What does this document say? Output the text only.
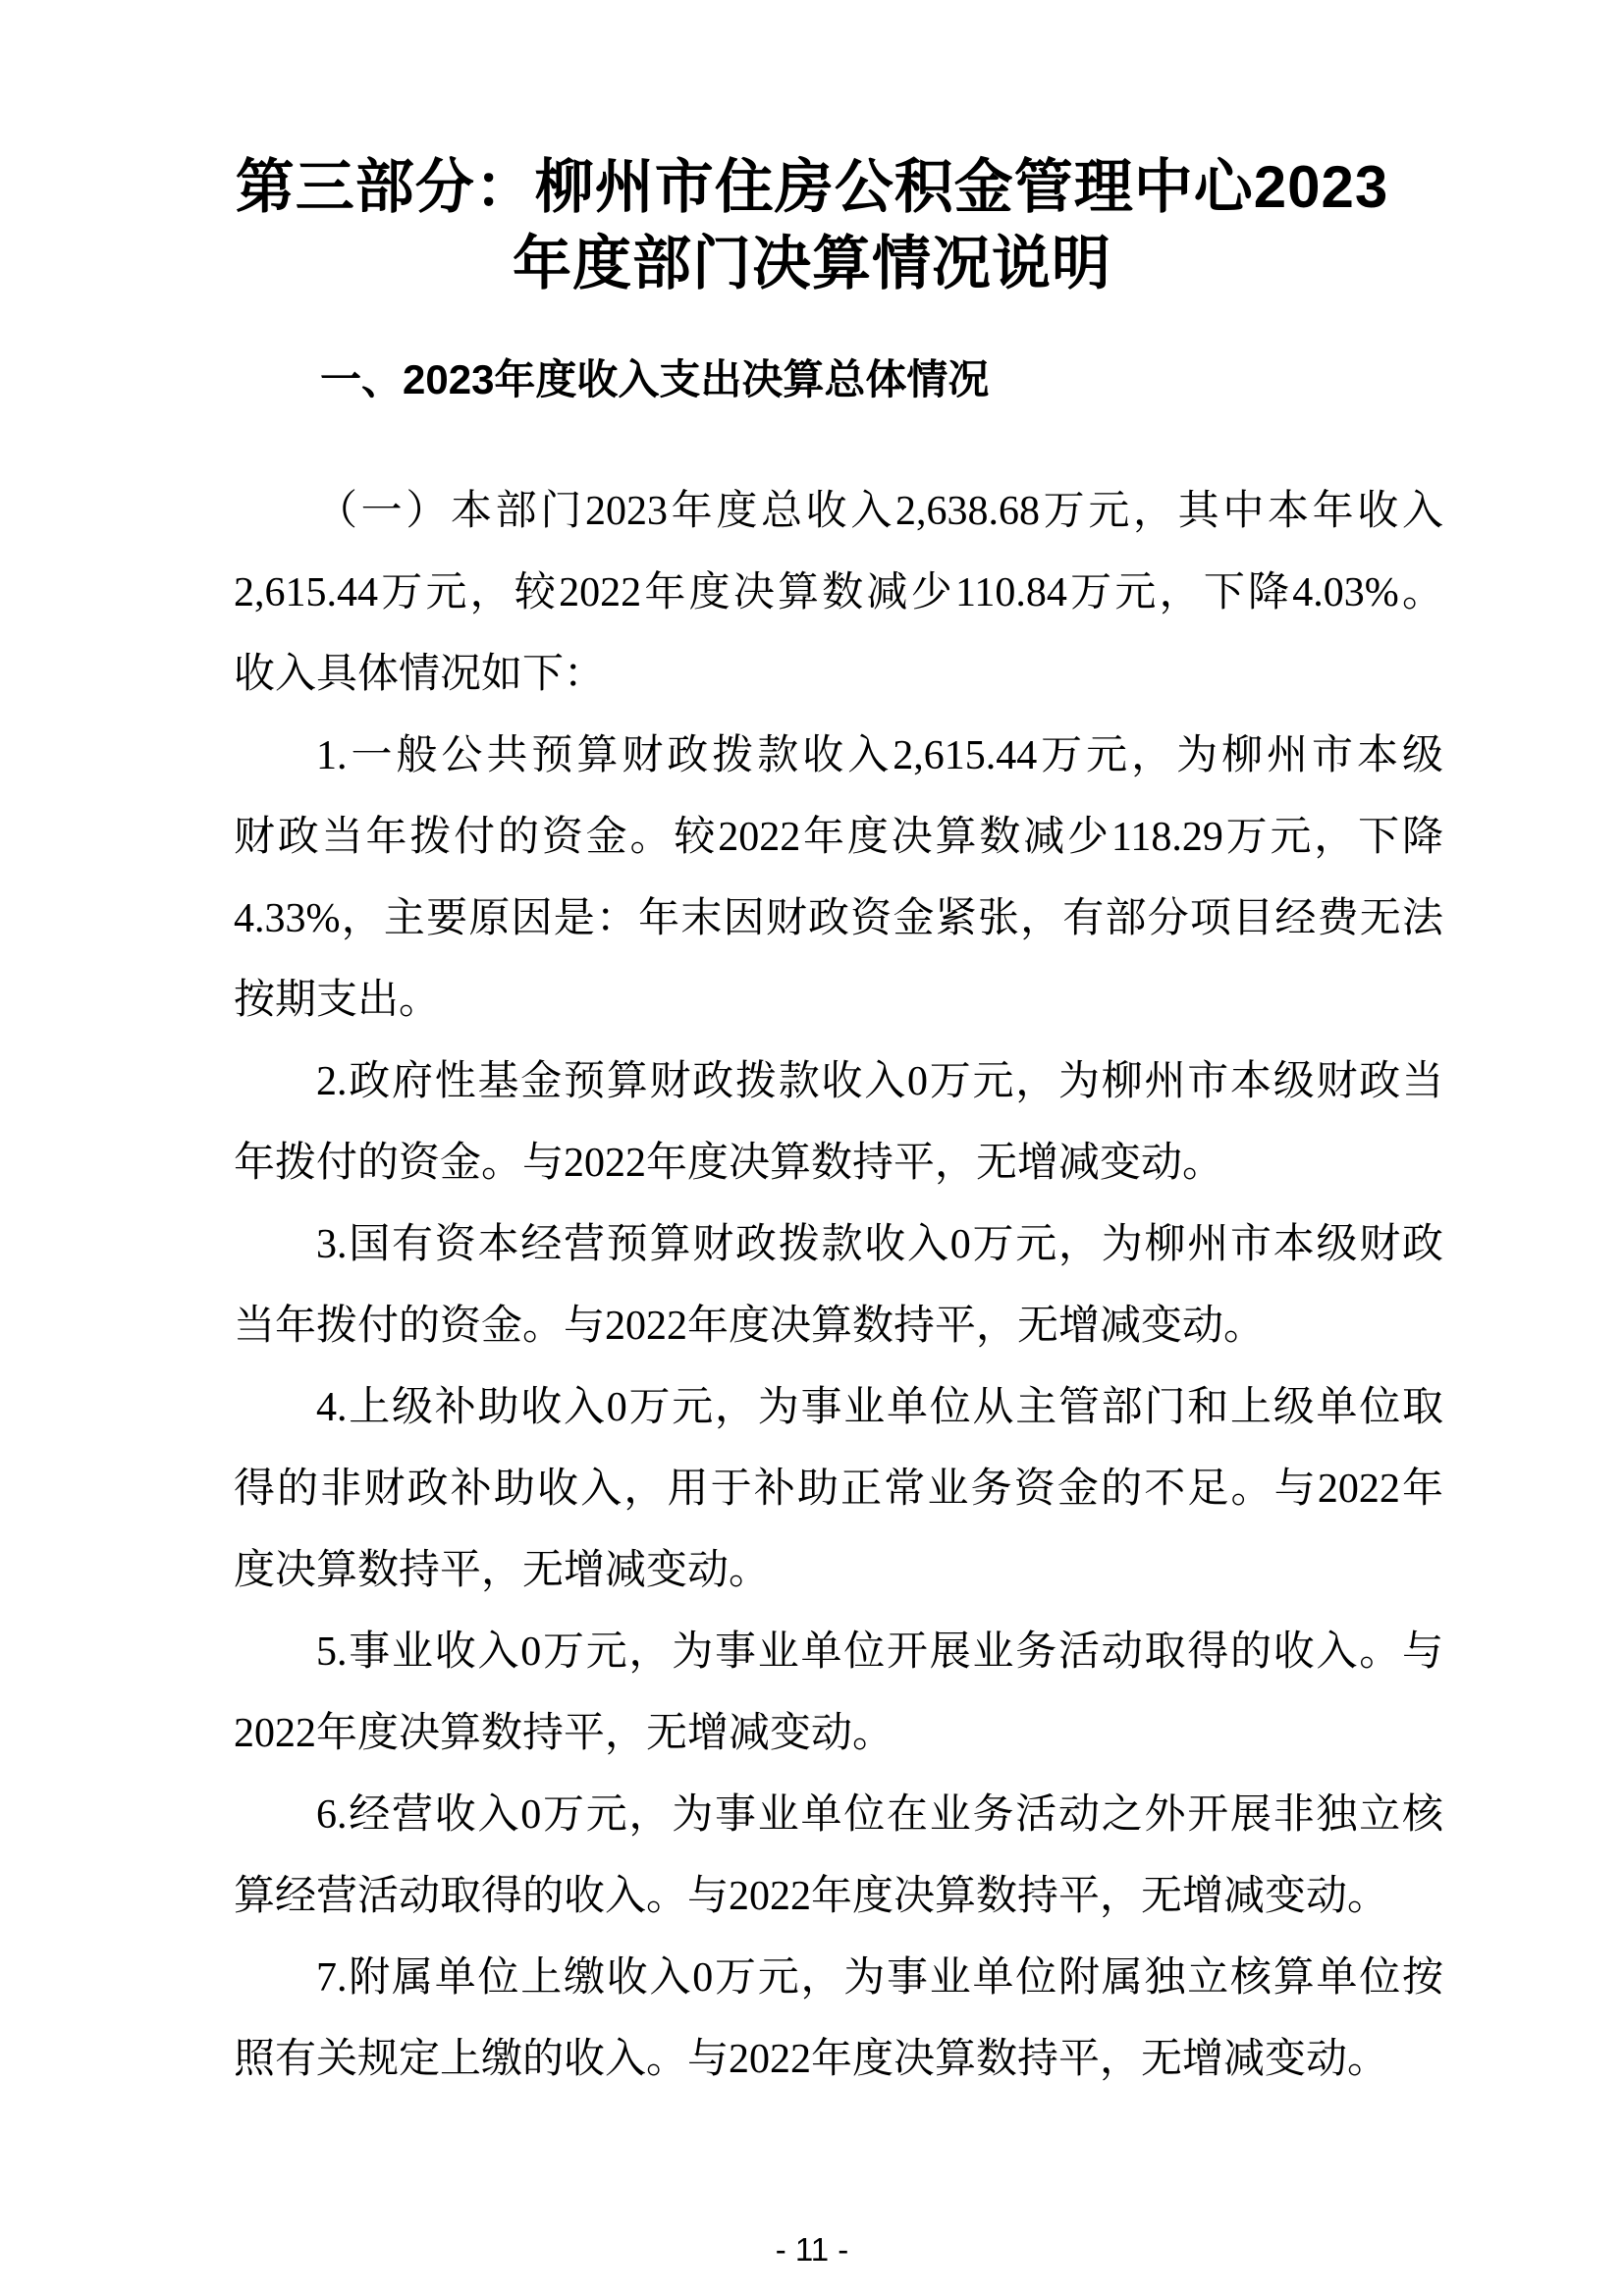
第三部分：柳州市住房公积金管理中心2023
年度部门决算情况说明
一、2023年度收入支出决算总体情况
（一）本部门2023年度总收入2,638.68万元，其中本年收入
2,615.44万元，较2022年度决算数减少110.84万元，下降4.03%。
收入具体情况如下：
1.一般公共预算财政拨款收入2,615.44万元，为柳州市本级
财政当年拨付的资金。较2022年度决算数减少118.29万元，下降
4.33%，主要原因是：年末因财政资金紧张，有部分项目经费无法
按期支出。
2.政府性基金预算财政拨款收入0万元，为柳州市本级财政当
年拨付的资金。与2022年度决算数持平，无增减变动。
3.国有资本经营预算财政拨款收入0万元，为柳州市本级财政
当年拨付的资金。与2022年度决算数持平，无增减变动。
4.上级补助收入0万元，为事业单位从主管部门和上级单位取
得的非财政补助收入，用于补助正常业务资金的不足。与2022年
度决算数持平，无增减变动。
5.事业收入0万元，为事业单位开展业务活动取得的收入。与
2022年度决算数持平，无增减变动。
6.经营收入0万元，为事业单位在业务活动之外开展非独立核
算经营活动取得的收入。与2022年度决算数持平，无增减变动。
7.附属单位上缴收入0万元，为事业单位附属独立核算单位按
照有关规定上缴的收入。与2022年度决算数持平，无增减变动。
- 11 -
